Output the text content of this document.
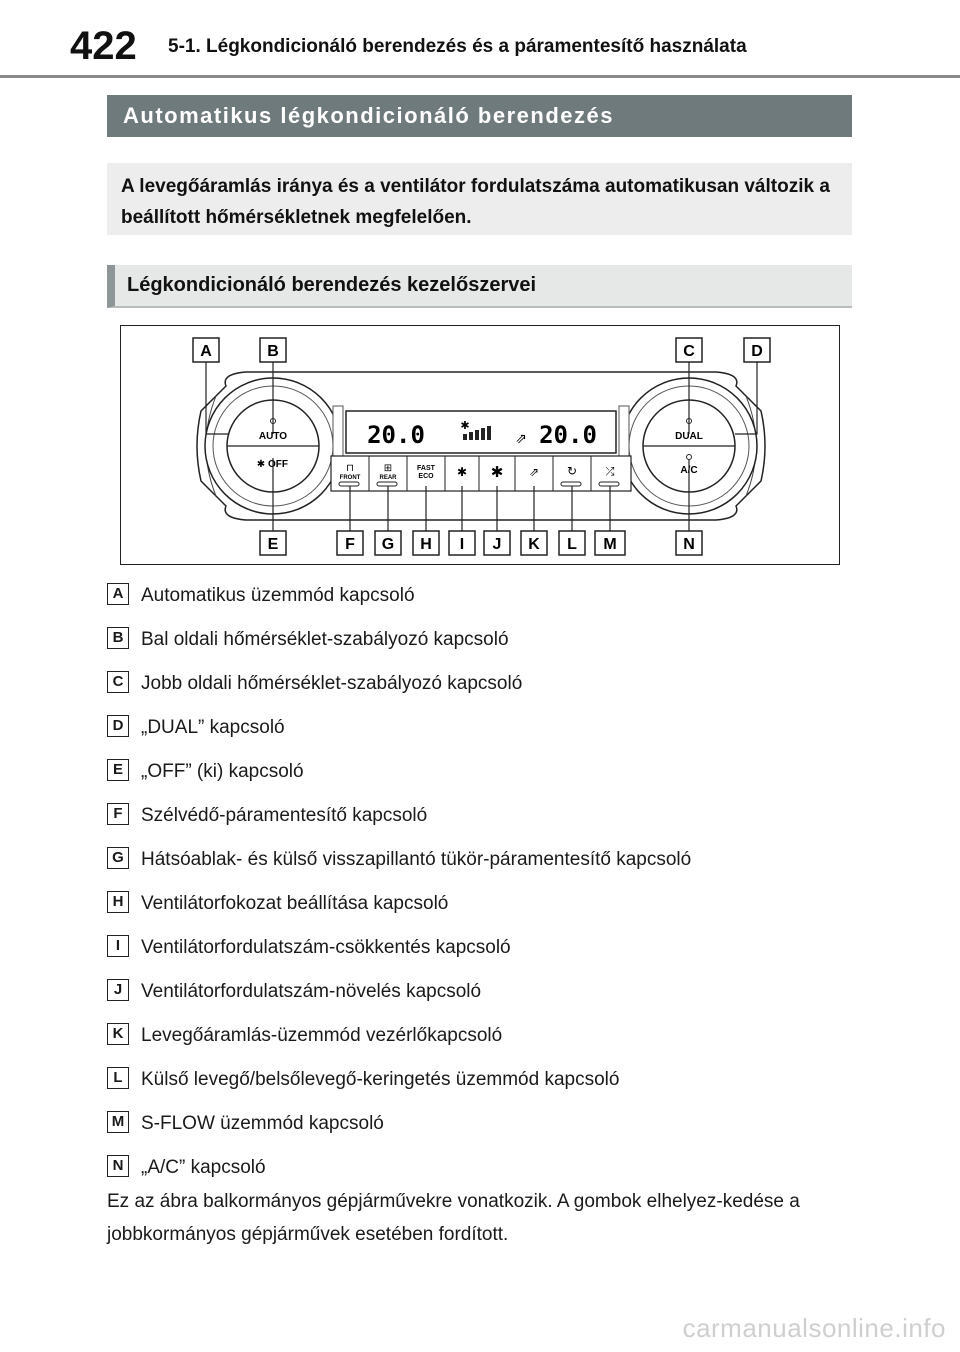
422 5-1. Légkondicionáló berendezés és a páramentesítő használata
Automatikus légkondicionáló berendezés
A levegőáramlás iránya és a ventilátor fordulatszáma automatikusan változik a beállított hőmérsékletnek megfelelően.
Légkondicionáló berendezés kezelőszervei
AUTO
OFF
✱
DUAL
A/C
20.0	20.0
✱
⇗
⊓
FRONT
⊞
REAR
FAST
ECO ✱ ✱ ⇗ ↻	⤮
A	B	C	D
E	F G H I J K L M	N
A Automatikus üzemmód kapcsoló
B Bal oldali hőmérséklet-szabályozó kapcsoló
C Jobb oldali hőmérséklet-szabályozó kapcsoló
D „DUAL” kapcsoló
E „OFF” (ki) kapcsoló
F Szélvédő-páramentesítő kapcsoló
G Hátsóablak- és külső visszapillantó tükör-páramentesítő kapcsoló
H Ventilátorfokozat beállítása kapcsoló
I	Ventilátorfordulatszám-csökkentés kapcsoló
J Ventilátorfordulatszám-növelés kapcsoló
K Levegőáramlás-üzemmód vezérlőkapcsoló
L Külső levegő/belsőlevegő-keringetés üzemmód kapcsoló
M S-FLOW üzemmód kapcsoló
N „A/C” kapcsoló
Ez az ábra balkormányos gépjárművekre vonatkozik. A gombok elhelyez-kedése a jobbkormányos gépjárművek esetében fordított.
carmanualsonline.info
